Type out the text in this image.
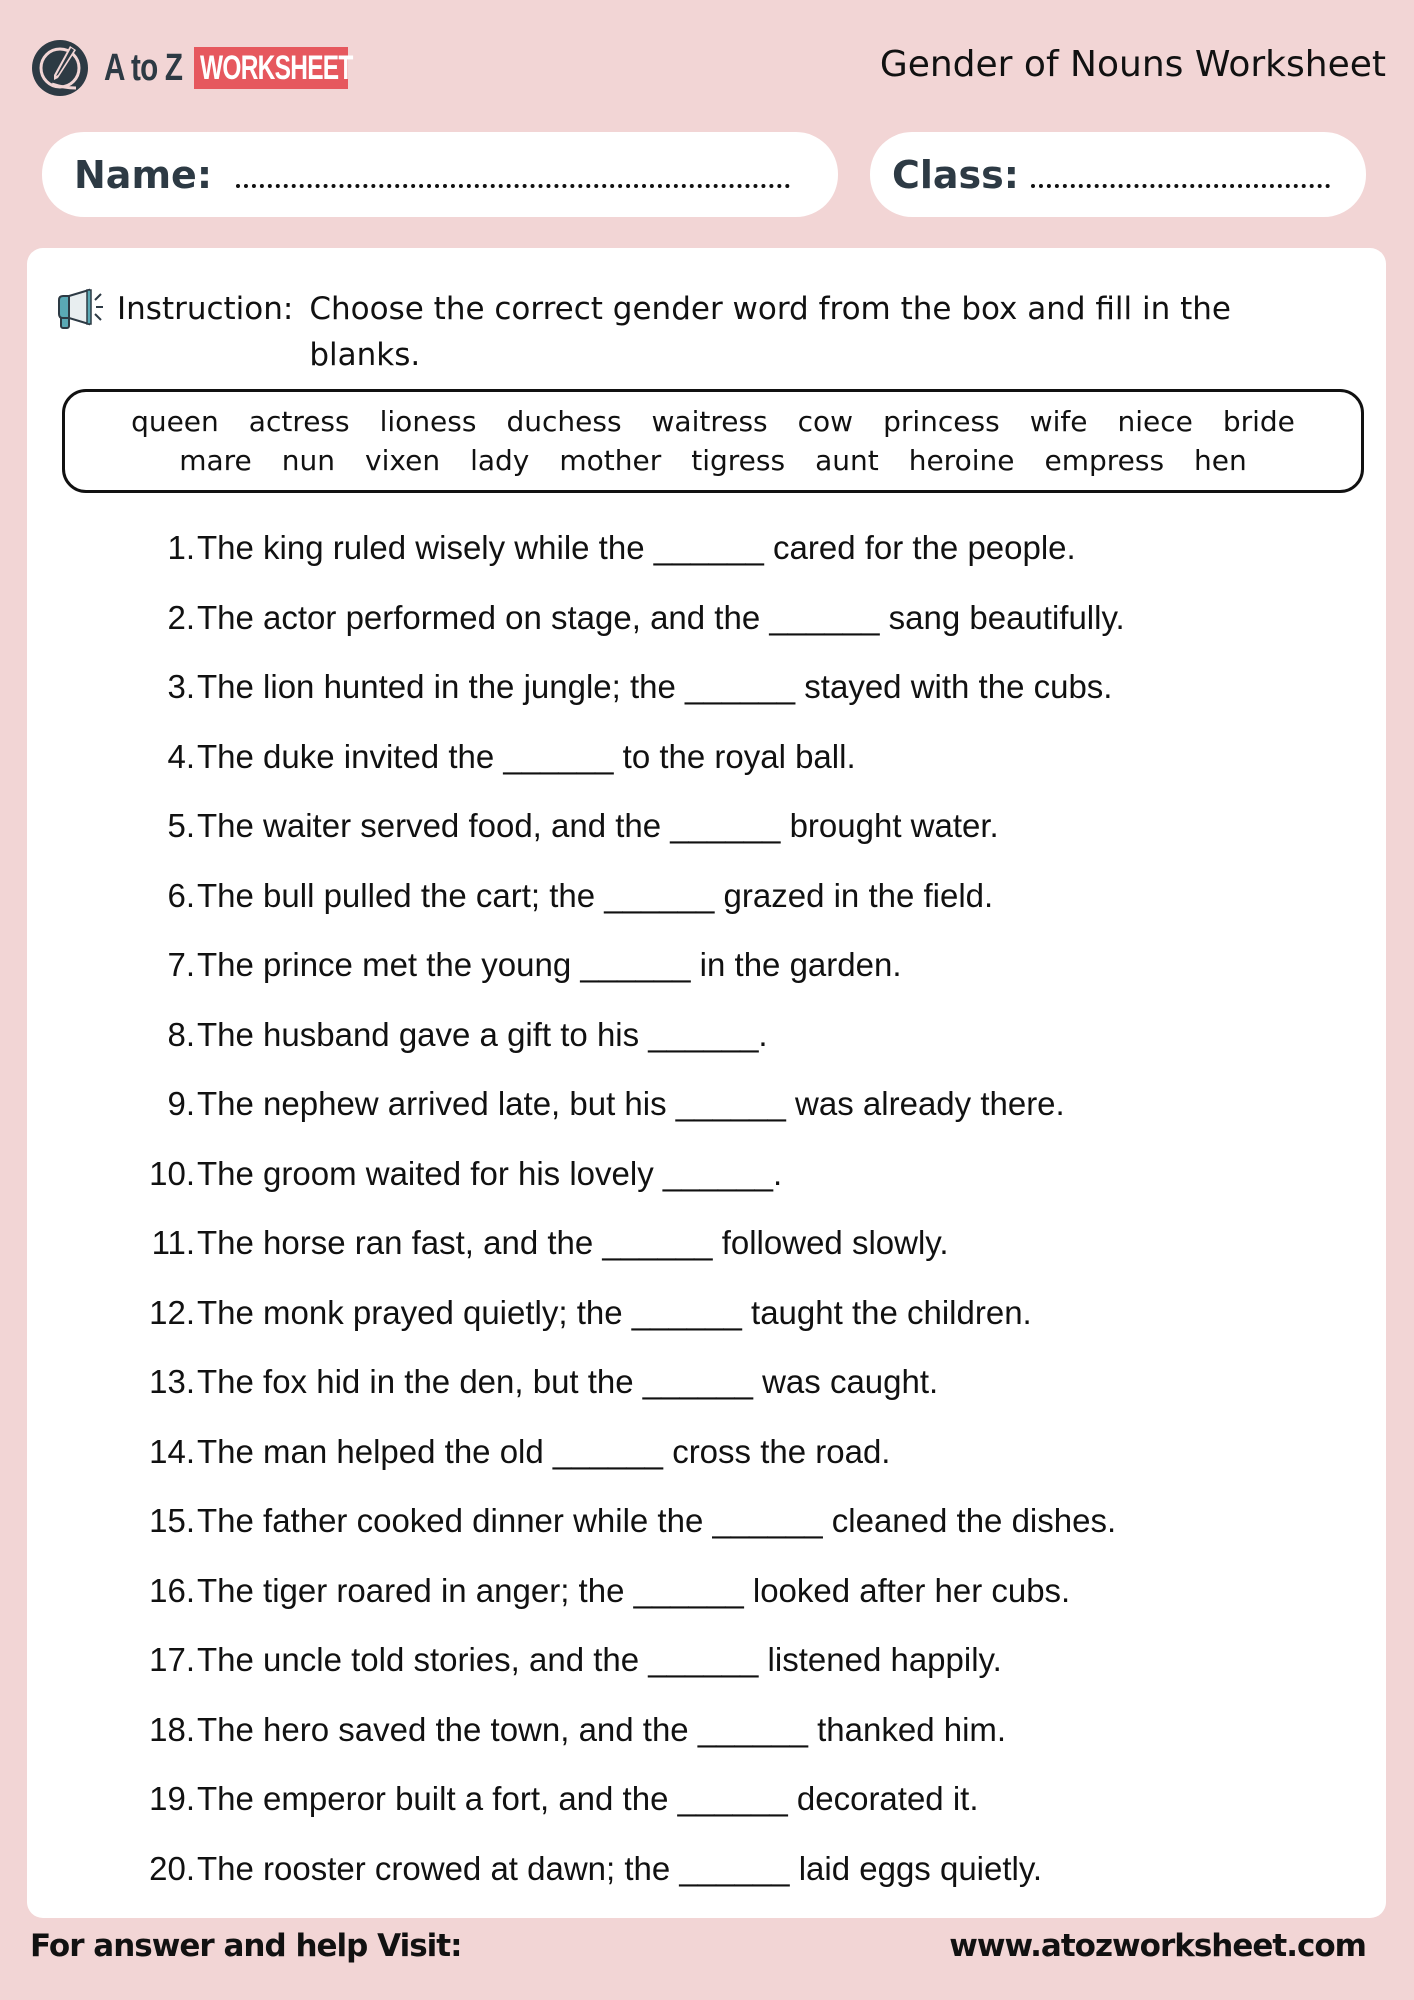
A to Z WORKSHEET	Gender of Nouns Worksheet
Name:	Class:
Instruction: Choose the correct gender word from the box and fill in the blanks.
queen actress lioness duchess waitress cow princess wife niece bride
mare nun vixen lady mother tigress aunt heroine empress hen
1. The king ruled wisely while the ______ cared for the people.
2. The actor performed on stage, and the ______ sang beautifully.
3. The lion hunted in the jungle; the ______ stayed with the cubs.
4. The duke invited the ______ to the royal ball.
5. The waiter served food, and the ______ brought water.
6. The bull pulled the cart; the ______ grazed in the field.
7. The prince met the young ______ in the garden.
8. The husband gave a gift to his ______.
9. The nephew arrived late, but his ______ was already there.
10. The groom waited for his lovely ______.
11. The horse ran fast, and the ______ followed slowly.
12. The monk prayed quietly; the ______ taught the children.
13. The fox hid in the den, but the ______ was caught.
14. The man helped the old ______ cross the road.
15. The father cooked dinner while the ______ cleaned the dishes.
16. The tiger roared in anger; the ______ looked after her cubs.
17. The uncle told stories, and the ______ listened happily.
18. The hero saved the town, and the ______ thanked him.
19. The emperor built a fort, and the ______ decorated it.
20. The rooster crowed at dawn; the ______ laid eggs quietly.
For answer and help Visit:	www.atozworksheet.com
